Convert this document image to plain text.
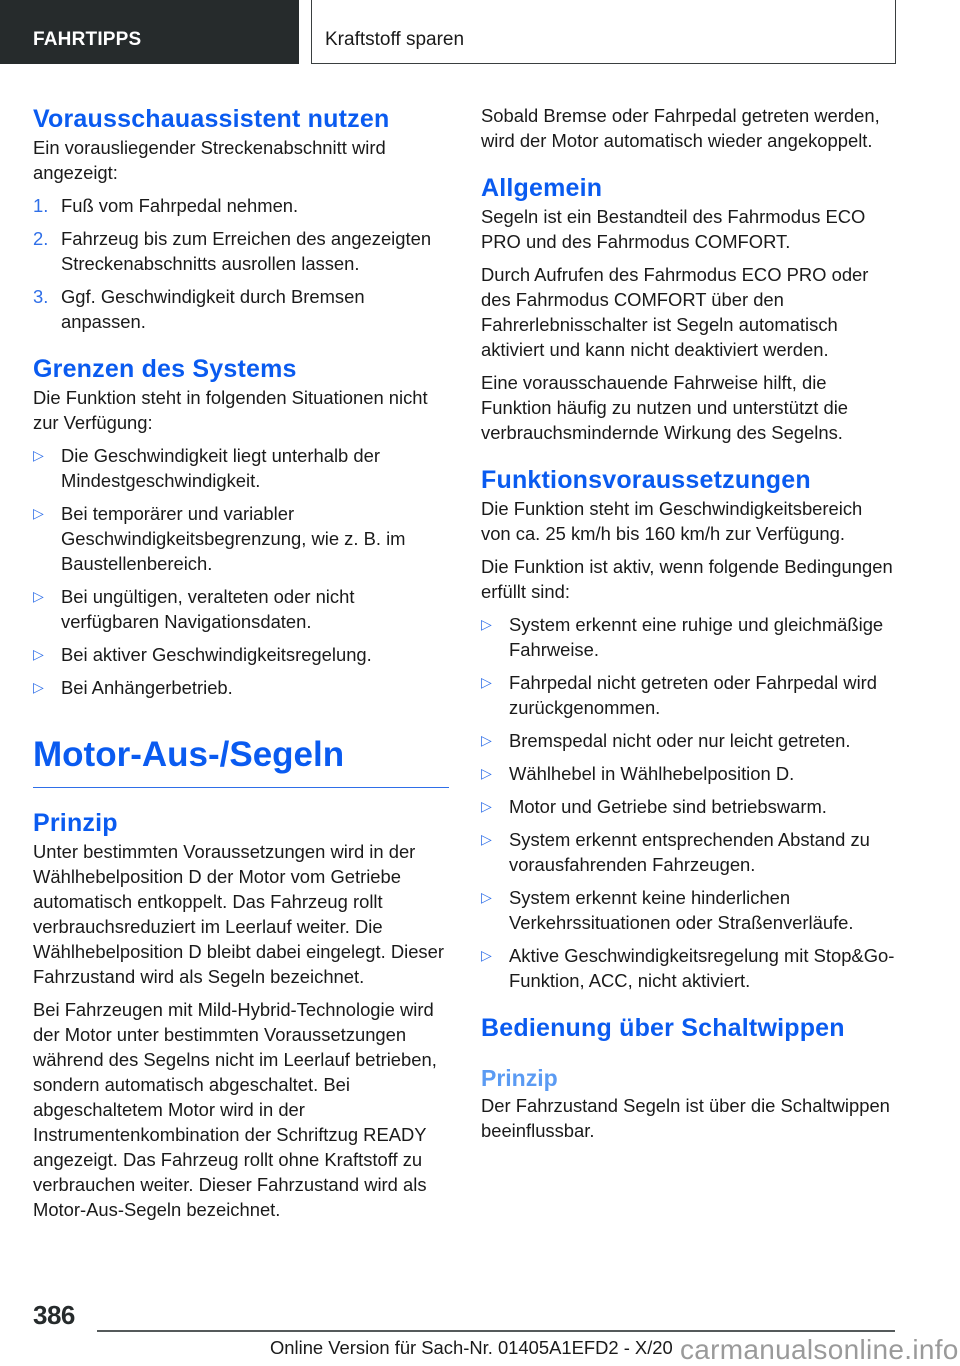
FAHRTIPPS	Kraftstoff sparen
Vorausschauassistent nutzen

Ein vorausliegender Streckenabschnitt wird angezeigt:

1. Fuß vom Fahrpedal nehmen.
2. Fahrzeug bis zum Erreichen des angezeigten Streckenabschnitts ausrollen lassen.
3. Ggf. Geschwindigkeit durch Bremsen anpassen.
Grenzen des Systems

Die Funktion steht in folgenden Situationen nicht zur Verfügung:

▷ Die Geschwindigkeit liegt unterhalb der Mindestgeschwindigkeit.
▷ Bei temporärer und variabler Geschwindigkeitsbegrenzung, wie z. B. im Baustellenbereich.
▷ Bei ungültigen, veralteten oder nicht verfügbaren Navigationsdaten.
▷ Bei aktiver Geschwindigkeitsregelung.
▷ Bei Anhängerbetrieb.
Motor-Aus-/Segeln
Prinzip

Unter bestimmten Voraussetzungen wird in der Wählhebelposition D der Motor vom Getriebe automatisch entkoppelt. Das Fahrzeug rollt verbrauchsreduziert im Leerlauf weiter. Die Wählhebelposition D bleibt dabei eingelegt. Dieser Fahrzustand wird als Segeln bezeichnet.

Bei Fahrzeugen mit Mild-Hybrid-Technologie wird der Motor unter bestimmten Voraussetzungen während des Segelns nicht im Leerlauf betrieben, sondern automatisch abgeschaltet. Bei abgeschaltetem Motor wird in der Instrumentenkombination der Schriftzug READY angezeigt. Das Fahrzeug rollt ohne Kraftstoff zu verbrauchen weiter. Dieser Fahrzustand wird als Motor-Aus-Segeln bezeichnet.

Sobald Bremse oder Fahrpedal getreten werden, wird der Motor automatisch wieder angekoppelt.

Allgemein

Segeln ist ein Bestandteil des Fahrmodus ECO PRO und des Fahrmodus COMFORT.

Durch Aufrufen des Fahrmodus ECO PRO oder des Fahrmodus COMFORT über den Fahrerlebnisschalter ist Segeln automatisch aktiviert und kann nicht deaktiviert werden.

Eine vorausschauende Fahrweise hilft, die Funktion häufig zu nutzen und unterstützt die verbrauchsmindernde Wirkung des Segelns.

Funktionsvoraussetzungen

Die Funktion steht im Geschwindigkeitsbereich von ca. 25 km/h bis 160 km/h zur Verfügung.

Die Funktion ist aktiv, wenn folgende Bedingungen erfüllt sind:

▷ System erkennt eine ruhige und gleichmäßige Fahrweise.
▷ Fahrpedal nicht getreten oder Fahrpedal wird zurückgenommen.
▷ Bremspedal nicht oder nur leicht getreten.
▷ Wählhebel in Wählhebelposition D.
▷ Motor und Getriebe sind betriebswarm.
▷ System erkennt entsprechenden Abstand zu vorausfahrenden Fahrzeugen.
▷ System erkennt keine hinderlichen Verkehrssituationen oder Straßenverläufe.
▷ Aktive Geschwindigkeitsregelung mit Stop&Go-Funktion, ACC, nicht aktiviert.
Bedienung über Schaltwippen
Prinzip

Der Fahrzustand Segeln ist über die Schaltwippen beeinflussbar.

386
Online Version für Sach-Nr. 01405A1EFD2 - X/20 carmanualsonline.info
